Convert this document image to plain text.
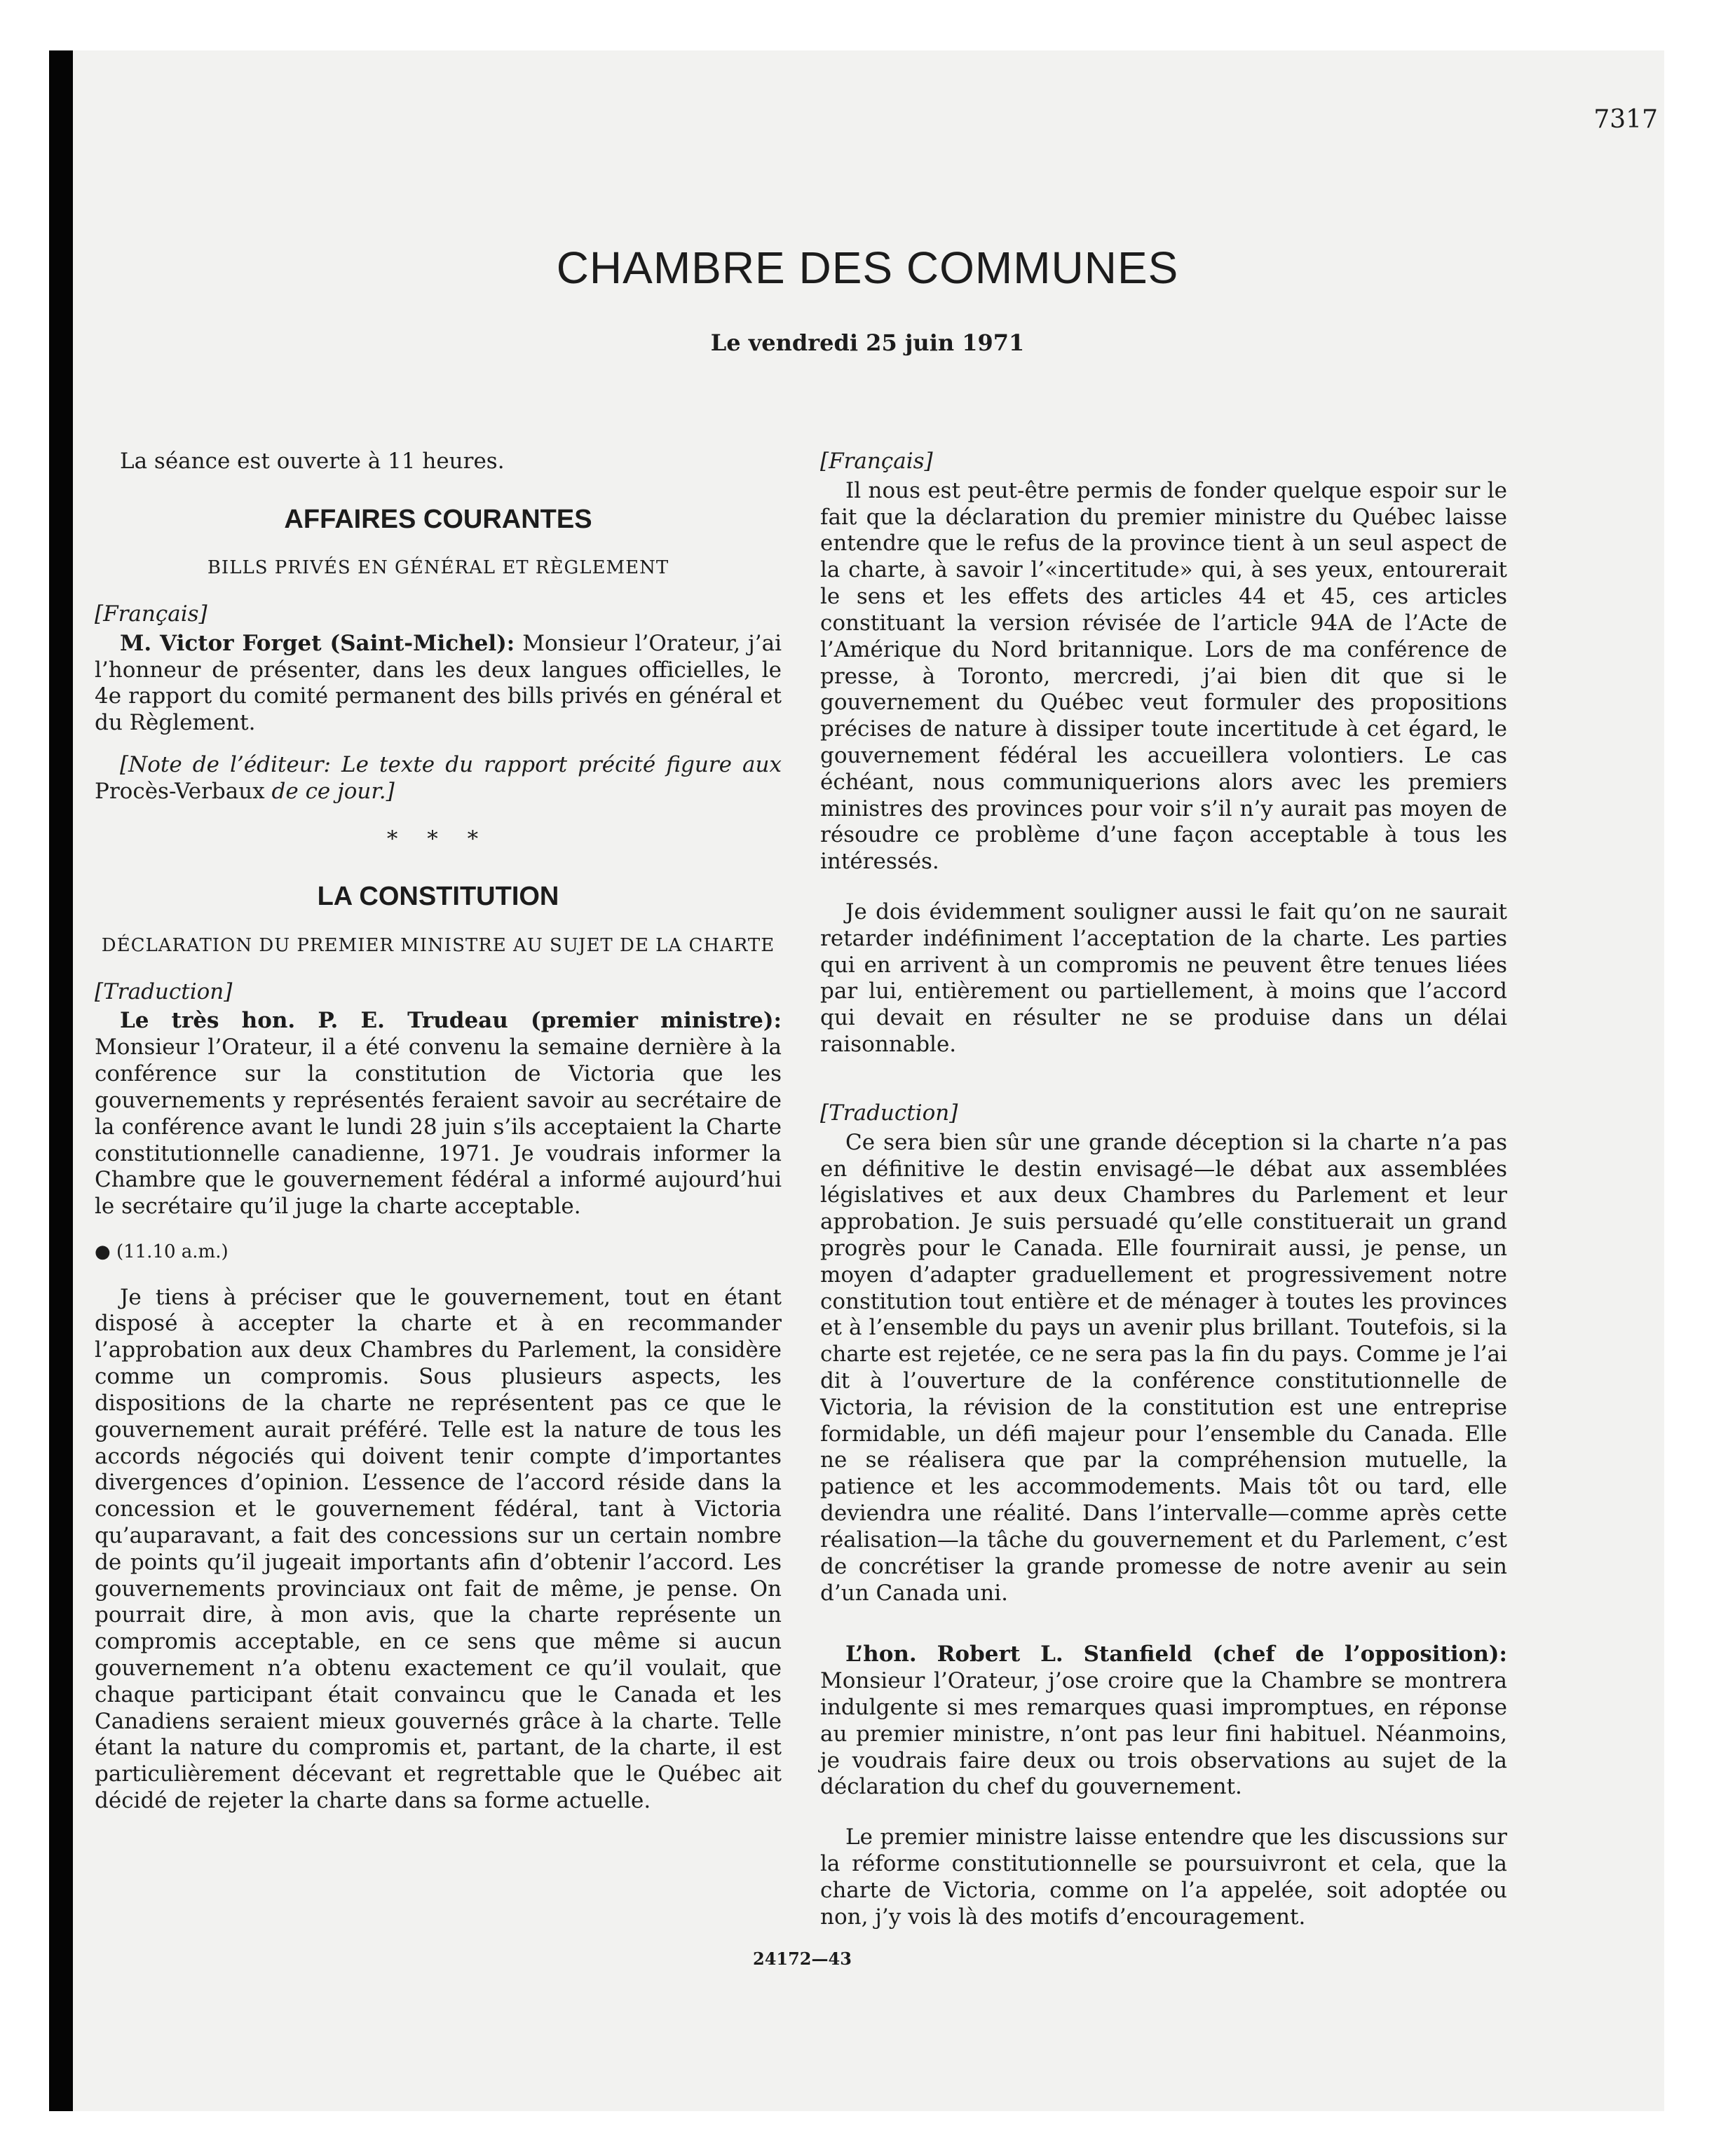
7317
CHAMBRE DES COMMUNES
Le vendredi 25 juin 1971

La séance est ouverte à 11 heures.

AFFAIRES COURANTES
BILLS PRIVÉS EN GÉNÉRAL ET RÈGLEMENT
[Français]

M. Victor Forget (Saint-Michel): Monsieur l’Orateur, j’ai l’honneur de présenter, dans les deux langues officielles, le 4e rapport du comité permanent des bills privés en général et du Règlement.

[Note de l’éditeur: Le texte du rapport précité figure aux Procès-Verbaux de ce jour.]

* * *
LA CONSTITUTION
DÉCLARATION DU PREMIER MINISTRE AU SUJET DE LA CHARTE
[Traduction]

Le très hon. P. E. Trudeau (premier ministre): Monsieur l’Orateur, il a été convenu la semaine dernière à la conférence sur la constitution de Victoria que les gouvernements y représentés feraient savoir au secrétaire de la conférence avant le lundi 28 juin s’ils acceptaient la Charte constitutionnelle canadienne, 1971. Je voudrais informer la Chambre que le gouvernement fédéral a informé aujourd’hui le secrétaire qu’il juge la charte acceptable.

● (11.10 a.m.)

Je tiens à préciser que le gouvernement, tout en étant disposé à accepter la charte et à en recommander l’approbation aux deux Chambres du Parlement, la considère comme un compromis. Sous plusieurs aspects, les dispositions de la charte ne représentent pas ce que le gouvernement aurait préféré. Telle est la nature de tous les accords négociés qui doivent tenir compte d’importantes divergences d’opinion. L’essence de l’accord réside dans la concession et le gouvernement fédéral, tant à Victoria qu’auparavant, a fait des concessions sur un certain nombre de points qu’il jugeait importants afin d’obtenir l’accord. Les gouvernements provinciaux ont fait de même, je pense. On pourrait dire, à mon avis, que la charte représente un compromis acceptable, en ce sens que même si aucun gouvernement n’a obtenu exactement ce qu’il voulait, que chaque participant était convaincu que le Canada et les Canadiens seraient mieux gouvernés grâce à la charte. Telle étant la nature du compromis et, partant, de la charte, il est particulièrement décevant et regrettable que le Québec ait décidé de rejeter la charte dans sa forme actuelle.

[Français]

Il nous est peut-être permis de fonder quelque espoir sur le fait que la déclaration du premier ministre du Québec laisse entendre que le refus de la province tient à un seul aspect de la charte, à savoir l’«incertitude» qui, à ses yeux, entourerait le sens et les effets des articles 44 et 45, ces articles constituant la version révisée de l’article 94A de l’Acte de l’Amérique du Nord britannique. Lors de ma conférence de presse, à Toronto, mercredi, j’ai bien dit que si le gouvernement du Québec veut formuler des propositions précises de nature à dissiper toute incertitude à cet égard, le gouvernement fédéral les accueillera volontiers. Le cas échéant, nous communiquerions alors avec les premiers ministres des provinces pour voir s’il n’y aurait pas moyen de résoudre ce problème d’une façon acceptable à tous les intéressés.

Je dois évidemment souligner aussi le fait qu’on ne saurait retarder indéfiniment l’acceptation de la charte. Les parties qui en arrivent à un compromis ne peuvent être tenues liées par lui, entièrement ou partiellement, à moins que l’accord qui devait en résulter ne se produise dans un délai raisonnable.

[Traduction]

Ce sera bien sûr une grande déception si la charte n’a pas en définitive le destin envisagé—le débat aux assemblées législatives et aux deux Chambres du Parlement et leur approbation. Je suis persuadé qu’elle constituerait un grand progrès pour le Canada. Elle fournirait aussi, je pense, un moyen d’adapter graduellement et progressivement notre constitution tout entière et de ménager à toutes les provinces et à l’ensemble du pays un avenir plus brillant. Toutefois, si la charte est rejetée, ce ne sera pas la fin du pays. Comme je l’ai dit à l’ouverture de la conférence constitutionnelle de Victoria, la révision de la constitution est une entreprise formidable, un défi majeur pour l’ensemble du Canada. Elle ne se réalisera que par la compréhension mutuelle, la patience et les accommodements. Mais tôt ou tard, elle deviendra une réalité. Dans l’intervalle—comme après cette réalisation—la tâche du gouvernement et du Parlement, c’est de concrétiser la grande promesse de notre avenir au sein d’un Canada uni.

L’hon. Robert L. Stanfield (chef de l’opposition): Monsieur l’Orateur, j’ose croire que la Chambre se montrera indulgente si mes remarques quasi impromptues, en réponse au premier ministre, n’ont pas leur fini habituel. Néanmoins, je voudrais faire deux ou trois observations au sujet de la déclaration du chef du gouvernement.

Le premier ministre laisse entendre que les discussions sur la réforme constitutionnelle se poursuivront et cela, que la charte de Victoria, comme on l’a appelée, soit adoptée ou non, j’y vois là des motifs d’encouragement.

24172—43
